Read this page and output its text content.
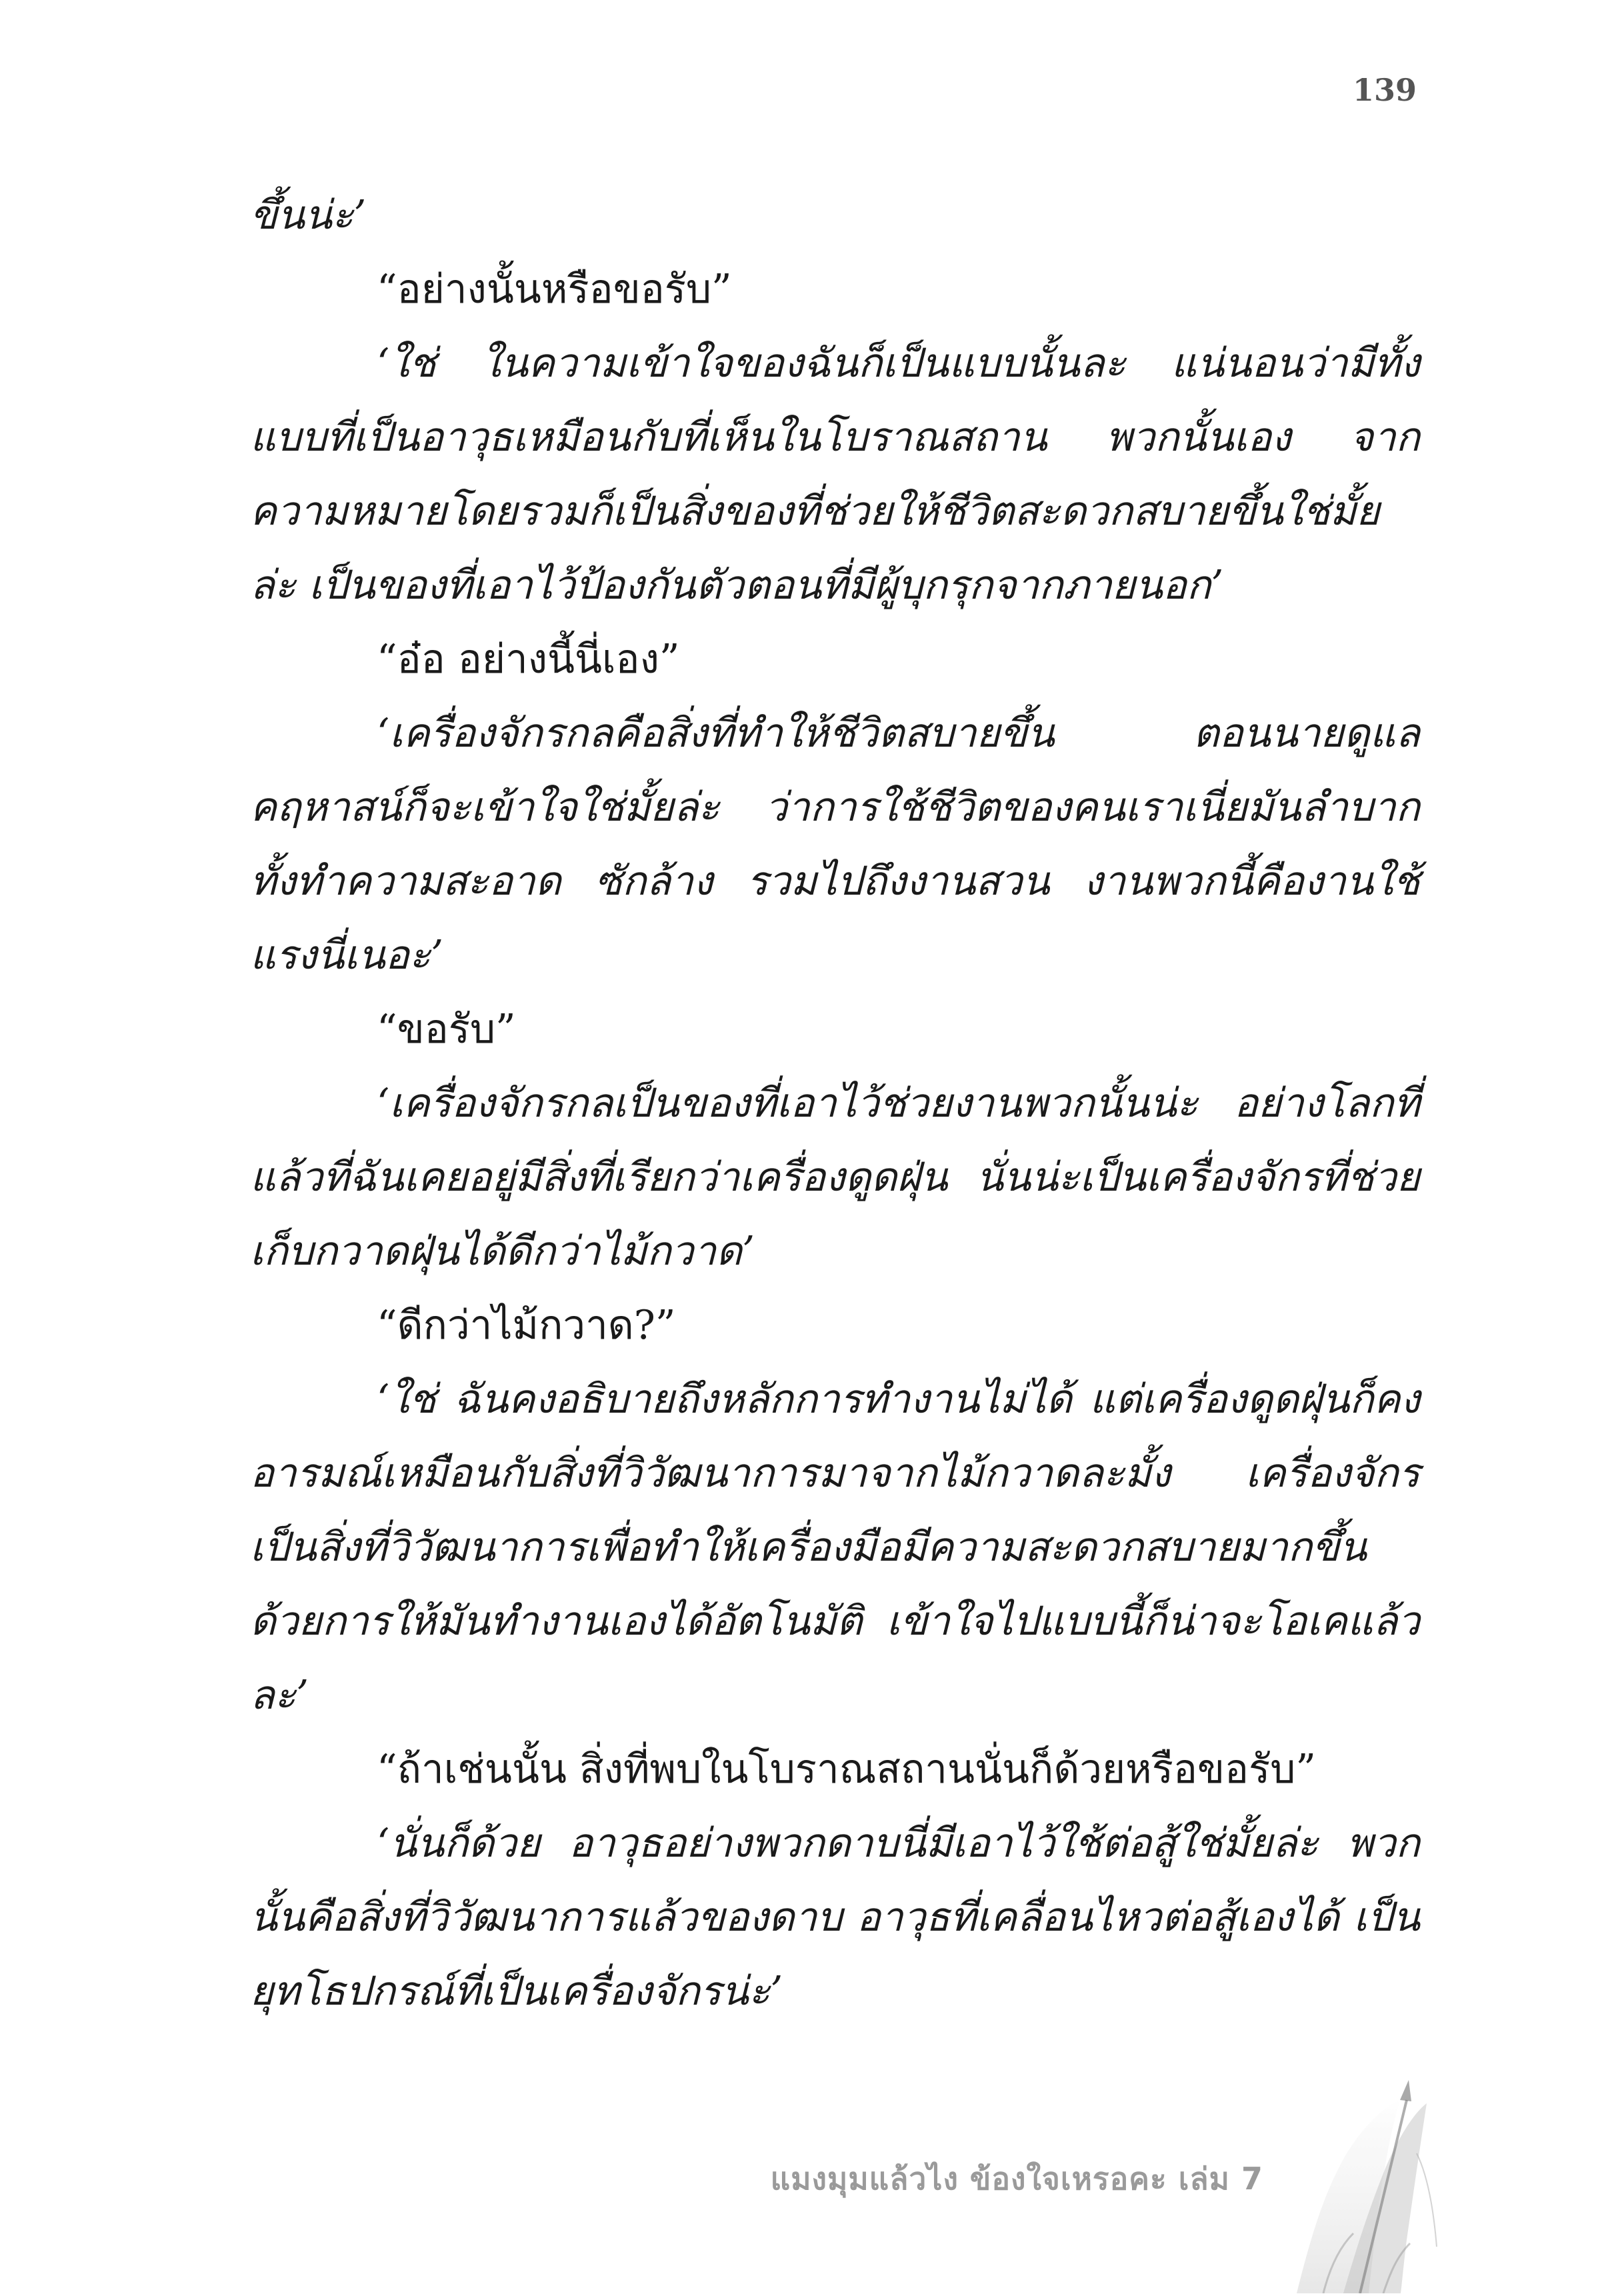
139

ขึ้นน่ะ’

“อย่างนั้นหรือขอรับ”

‘ใช่ ในความเข้าใจของฉันก็เป็นแบบนั้นละ แน่นอนว่ามีทั้งแบบที่เป็นอาวุธเหมือนกับที่เห็นในโบราณสถาน พวกนั้นเอง จากความหมายโดยรวมก็เป็นสิ่งของที่ช่วยให้ชีวิตสะดวกสบายขึ้นใช่มั้ยล่ะ เป็นของที่เอาไว้ป้องกันตัวตอนที่มีผู้บุกรุกจากภายนอก’

“อ๋อ อย่างนี้นี่เอง”

‘เครื่องจักรกลคือสิ่งที่ทำให้ชีวิตสบายขึ้น ตอนนายดูแลคฤหาสน์ก็จะเข้าใจใช่มั้ยล่ะ ว่าการใช้ชีวิตของคนเราเนี่ยมันลำบากทั้งทำความสะอาด ซักล้าง รวมไปถึงงานสวน งานพวกนี้คืองานใช้แรงนี่เนอะ’

“ขอรับ”

‘เครื่องจักรกลเป็นของที่เอาไว้ช่วยงานพวกนั้นน่ะ อย่างโลกที่แล้วที่ฉันเคยอยู่มีสิ่งที่เรียกว่าเครื่องดูดฝุ่น นั่นน่ะเป็นเครื่องจักรที่ช่วยเก็บกวาดฝุ่นได้ดีกว่าไม้กวาด’

“ดีกว่าไม้กวาด?”

‘ใช่ ฉันคงอธิบายถึงหลักการทำงานไม่ได้ แต่เครื่องดูดฝุ่นก็คงอารมณ์เหมือนกับสิ่งที่วิวัฒนาการมาจากไม้กวาดละมั้ง เครื่องจักรเป็นสิ่งที่วิวัฒนาการเพื่อทำให้เครื่องมือมีความสะดวกสบายมากขึ้นด้วยการให้มันทำงานเองได้อัตโนมัติ เข้าใจไปแบบนี้ก็น่าจะโอเคแล้วละ’

“ถ้าเช่นนั้น สิ่งที่พบในโบราณสถานนั่นก็ด้วยหรือขอรับ”

‘นั่นก็ด้วย อาวุธอย่างพวกดาบนี่มีเอาไว้ใช้ต่อสู้ใช่มั้ยล่ะ พวกนั้นคือสิ่งที่วิวัฒนาการแล้วของดาบ อาวุธที่เคลื่อนไหวต่อสู้เองได้ เป็นยุทโธปกรณ์ที่เป็นเครื่องจักรน่ะ’

แมงมุมแล้วไง ข้องใจเหรอคะ เล่ม 7
